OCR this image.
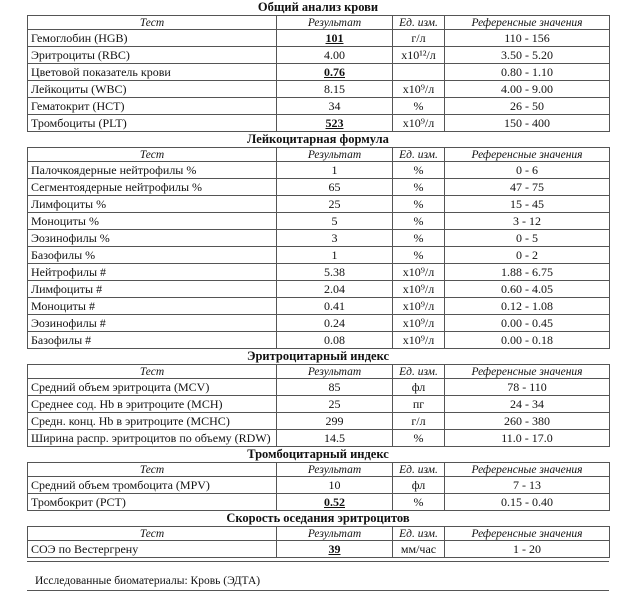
Общий анализ крови
Тест	Результат	Ед. изм.	Референсные значения
Гемоглобин (HGB)	101	г/л	110 - 156
Эритроциты (RBC)	4.00	x10¹²/л	3.50 - 5.20
Цветовой показатель крови	0.76		0.80 - 1.10
Лейкоциты (WBC)	8.15	x10⁹/л	4.00 - 9.00
Гематокрит (HCT)	34	%	26 - 50
Тромбоциты (PLT)	523	x10⁹/л	150 - 400
Лейкоцитарная формула
Тест	Результат	Ед. изм.	Референсные значения
Палочкоядерные нейтрофилы %	1	%	0 - 6
Сегментоядерные нейтрофилы %	65	%	47 - 75
Лимфоциты %	25	%	15 - 45
Моноциты %	5	%	3 - 12
Эозинофилы %	3	%	0 - 5
Базофилы %	1	%	0 - 2
Нейтрофилы #	5.38	x10⁹/л	1.88 - 6.75
Лимфоциты #	2.04	x10⁹/л	0.60 - 4.05
Моноциты #	0.41	x10⁹/л	0.12 - 1.08
Эозинофилы #	0.24	x10⁹/л	0.00 - 0.45
Базофилы #	0.08	x10⁹/л	0.00 - 0.18
Эритроцитарный индекс
Тест	Результат	Ед. изм.	Референсные значения
Средний объем эритроцита (MCV)	85	фл	78 - 110
Среднее сод. Hb в эритроците (MCH)	25	пг	24 - 34
Средн. конц. Hb в эритроците (MCHC)	299	г/л	260 - 380
Ширина распр. эритроцитов по объему (RDW)	14.5	%	11.0 - 17.0
Тромбоцитарный индекс
Тест	Результат	Ед. изм.	Референсные значения
Средний объем тромбоцита (MPV)	10	фл	7 - 13
Тромбокрит (PCT)	0.52	%	0.15 - 0.40
Скорость оседания эритроцитов
Тест	Результат	Ед. изм.	Референсные значения
СОЭ по Вестергрену	39	мм/час	1 - 20
Исследованные биоматериалы: Кровь (ЭДТА)
